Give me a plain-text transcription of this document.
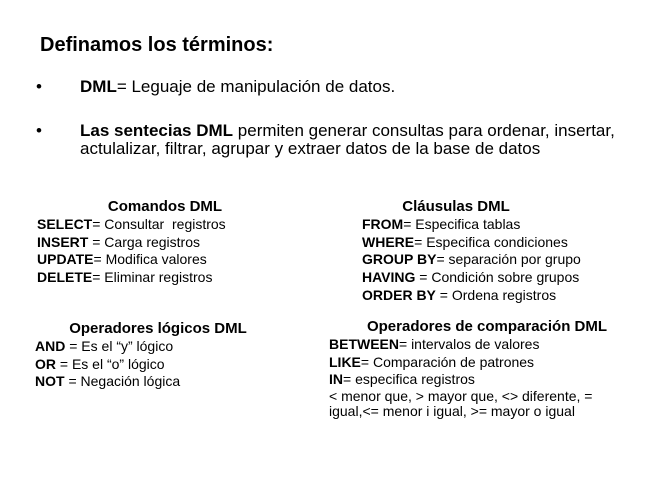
Definamos los términos:
• DML= Leguaje de manipulación de datos.
• Las sentecias DML permiten generar consultas para ordenar, insertar, actulalizar, filtrar, agrupar y extraer datos de la base de datos
Comandos DML
SELECT= Consultar  registros
INSERT = Carga registros
UPDATE= Modifica valores
DELETE= Eliminar registros
Cláusulas DML
FROM= Especifica tablas
WHERE= Especifica condiciones
GROUP BY= separación por grupo
HAVING = Condición sobre grupos
ORDER BY = Ordena registros
Operadores lógicos DML
AND = Es el “y” lógico
OR = Es el “o” lógico
NOT = Negación lógica
Operadores de comparación DML
BETWEEN= intervalos de valores
LIKE= Comparación de patrones
IN= especifica registros
< menor que, > mayor que, <> diferente, =
igual,<= menor i igual, >= mayor o igual
